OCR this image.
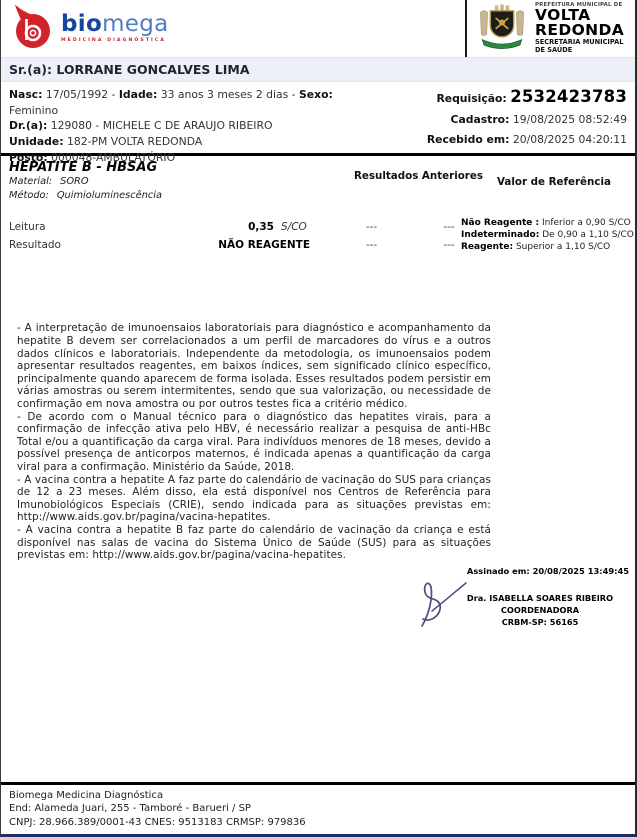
biomega
MEDICINA DIAGNÓSTICA
PREFEITURA MUNICIPAL DE
VOLTA
REDONDA
SECRETARIA MUNICIPAL
DE SAÚDE
Sr.(a): LORRANE GONCALVES LIMA
Nasc: 17/05/1992 - Idade: 33 anos 3 meses 2 dias - Sexo: Feminino
Dr.(a): 129080 - MICHELE C DE ARAUJO RIBEIRO
Unidade: 182-PM VOLTA REDONDA
Posto: 000048-AMBULATÓRIO
Requisição: 2532423783
Cadastro: 19/08/2025 08:52:49
Recebido em: 20/08/2025 04:20:11
HEPATITE B - HBSAG
Material: SORO
Método: Quimioluminescência
Resultados Anteriores	Valor de Referência
Leitura	0,35 S/CO	---	---
Resultado	NÃO REAGENTE	---	---
Não Reagente : Inferior a 0,90 S/CO
Indeterminado: De 0,90 a 1,10 S/CO
Reagente: Superior a 1,10 S/CO

- A interpretação de imunoensaios laboratoriais para diagnóstico e acompanhamento da hepatite B devem ser correlacionados a um perfil de marcadores do vírus e a outros dados clínicos e laboratoriais. Independente da metodologia, os imunoensaios podem apresentar resultados reagentes, em baixos índices, sem significado clínico específico, principalmente quando aparecem de forma isolada. Esses resultados podem persistir em várias amostras ou serem intermitentes, sendo que sua valorização, ou necessidade de confirmação em nova amostra ou por outros testes fica a critério médico.

- De acordo com o Manual técnico para o diagnóstico das hepatites virais, para a confirmação de infecção ativa pelo HBV, é necessário realizar a pesquisa de anti-HBc Total e/ou a quantificação da carga viral. Para indivíduos menores de 18 meses, devido a possível presença de anticorpos maternos, é indicada apenas a quantificação da carga viral para a confirmação. Ministério da Saúde, 2018.

- A vacina contra a hepatite A faz parte do calendário de vacinação do SUS para crianças de 12 a 23 meses. Além disso, ela está disponível nos Centros de Referência para Imunobiológicos Especiais (CRIE), sendo indicada para as situações previstas em: http://www.aids.gov.br/pagina/vacina-hepatites.

- A vacina contra a hepatite B faz parte do calendário de vacinação da criança e está disponível nas salas de vacina do Sistema Único de Saúde (SUS) para as situações previstas em: http://www.aids.gov.br/pagina/vacina-hepatites.

Assinado em: 20/08/2025 13:49:45
Dra. ISABELLA SOARES RIBEIRO
COORDENADORA
CRBM-SP: 56165
Biomega Medicina Diagnóstica
End: Alameda Juari, 255 - Tamboré - Barueri / SP
CNPJ: 28.966.389/0001-43 CNES: 9513183 CRMSP: 979836
